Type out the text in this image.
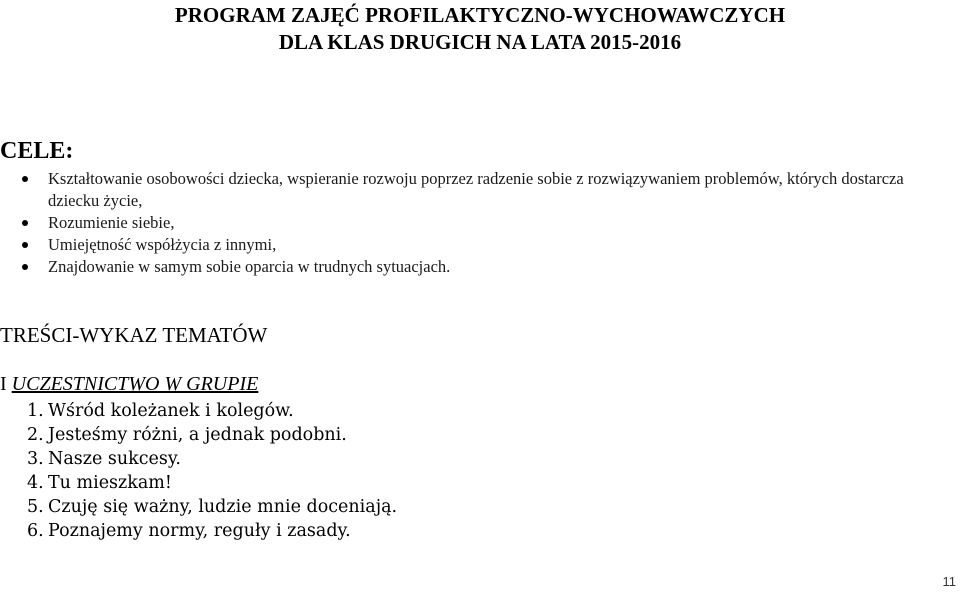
PROGRAM ZAJĘĆ PROFILAKTYCZNO-WYCHOWAWCZYCH
DLA KLAS DRUGICH NA LATA 2015-2016
CELE:
Kształtowanie osobowości dziecka, wspieranie rozwoju poprzez radzenie sobie z rozwiązywaniem problemów, których dostarcza dziecku życie,
Rozumienie siebie,
Umiejętność współżycia z innymi,
Znajdowanie w samym sobie oparcia w trudnych sytuacjach.
TREŚCI-WYKAZ TEMATÓW
I UCZESTNICTWO W GRUPIE
1. Wśród koleżanek i kolegów.
2. Jesteśmy różni, a jednak podobni.
3. Nasze sukcesy.
4. Tu mieszkam!
5. Czuję się ważny, ludzie mnie doceniają.
6. Poznajemy normy, reguły i zasady.
11
